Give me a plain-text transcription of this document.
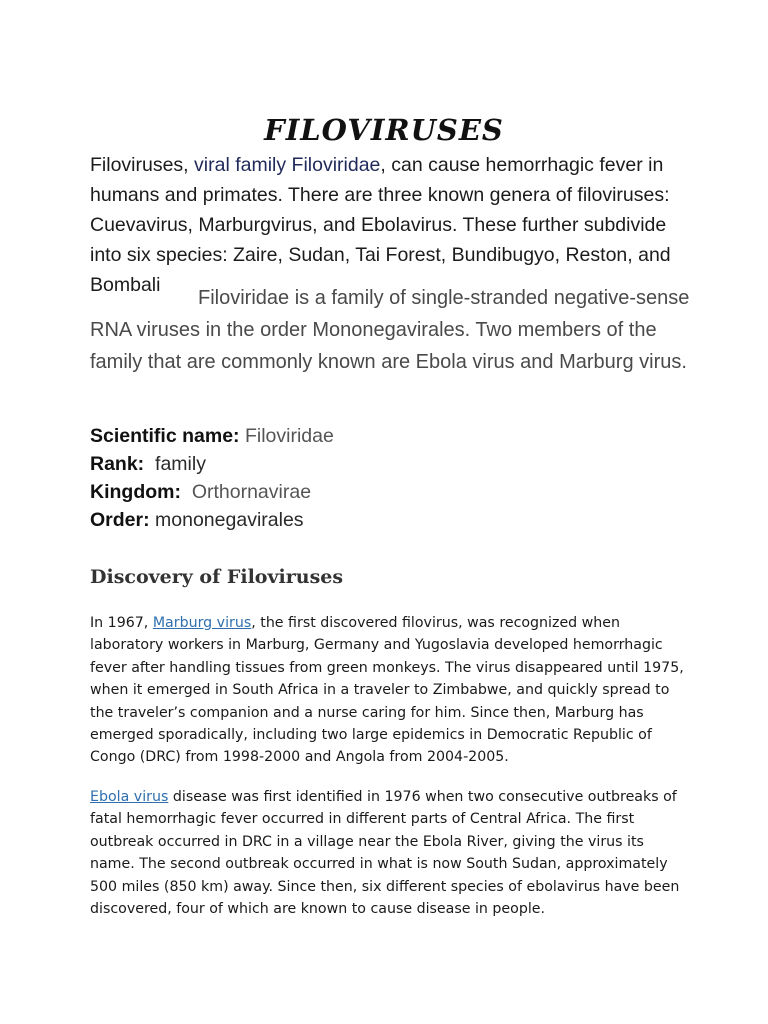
FILOVIRUSES

Filoviruses, viral family Filoviridae, can cause hemorrhagic fever in humans and primates. There are three known genera of filoviruses: Cuevavirus, Marburgvirus, and Ebolavirus. These further subdivide into six species: Zaire, Sudan, Tai Forest, Bundibugyo, Reston, and Bombali

Filoviridae is a family of single-stranded negative-sense RNA viruses in the order Mononegavirales. Two members of the family that are commonly known are Ebola virus and Marburg virus.

Scientific name: Filoviridae
Rank: family
Kingdom: Orthornavirae
Order: mononegavirales
Discovery of Filoviruses

In 1967, Marburg virus, the first discovered filovirus, was recognized when laboratory workers in Marburg, Germany and Yugoslavia developed hemorrhagic fever after handling tissues from green monkeys. The virus disappeared until 1975, when it emerged in South Africa in a traveler to Zimbabwe, and quickly spread to the traveler’s companion and a nurse caring for him. Since then, Marburg has emerged sporadically, including two large epidemics in Democratic Republic of Congo (DRC) from 1998-2000 and Angola from 2004-2005.

Ebola virus disease was first identified in 1976 when two consecutive outbreaks of fatal hemorrhagic fever occurred in different parts of Central Africa. The first outbreak occurred in DRC in a village near the Ebola River, giving the virus its name. The second outbreak occurred in what is now South Sudan, approximately 500 miles (850 km) away. Since then, six different species of ebolavirus have been discovered, four of which are known to cause disease in people.
